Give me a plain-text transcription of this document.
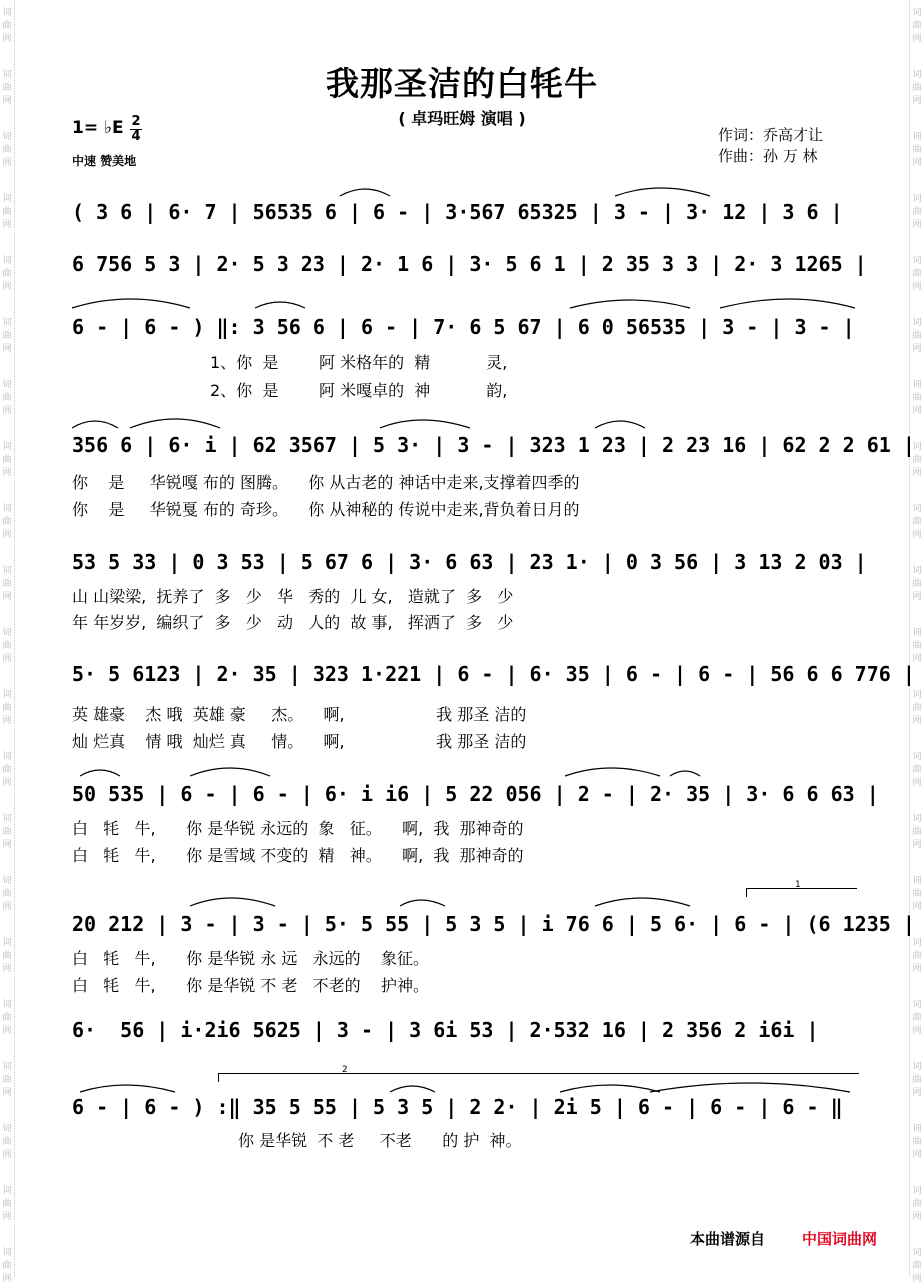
词
曲
网
词
曲
网
词
曲
网
词
曲
网
词
曲
网
词
曲
网
词
曲
网
词
曲
网
词
曲
网
词
曲
网
词
曲
网
词
曲
网
词
曲
网
词
曲
网
词
曲
网
词
曲
网
词
曲
网
词
曲
网
词
曲
网
词
曲
网
词
曲
网
词
曲
网
词
曲
网
词
曲
网
词
曲
网
词
曲
网
词
曲
网
词
曲
网
词
曲
网
词
曲
网
词
曲
网
词
曲
网
词
曲
网
词
曲
网
词
曲
网
词
曲
网
词
曲
网
词
曲
网
词
曲
网
词
曲
网
词
曲
网
词
曲
网
我那圣洁的白牦牛
( 卓玛旺姆 演唱 )
1= ♭E 2
4
中速 赞美地
作词：乔高才让
作曲：孙 万 林
( 3 6 | 6· 7 | 56535 6 | 6 - | 3·567 65325 | 3 - | 3· 12 | 3 6 |
6 756 5 3 | 2· 5 3 23 | 2· 1 6 | 3· 5 6 1 | 2 35 3 3 | 2· 3 1265 |
6 - | 6 - ) ‖: 3 56 6 | 6 - | 7· 6 5 67 | 6 0 56535 | 3 - | 3 - |
1、你  是        阿 米格年的  精           灵,
2、你  是        阿 米嘎卓的  神           韵,
356 6 | 6· i | 62 3567 | 5 3· | 3 - | 323 1 23 | 2 23 16 | 62 2 2 61 |
你    是     华锐嘎 布的 图腾。    你 从古老的 神话中走来,支撑着四季的
你    是     华锐戛 布的 奇珍。    你 从神秘的 传说中走来,背负着日月的
53 5 33 | 0 3 53 | 5 67 6 | 3· 6 63 | 23 1· | 0 3 56 | 3 13 2 03 |
山 山梁梁,  抚养了  多   少   华   秀的  儿 女,   造就了  多   少
年 年岁岁,  编织了  多   少   动   人的  故 事,   挥洒了  多   少
5· 5 6123 | 2· 35 | 323 1·221 | 6 - | 6· 35 | 6 - | 6 - | 56 6 6 776 |
英 雄豪    杰 哦  英雄 豪     杰。    啊,                  我 那圣 洁的
灿 烂真    情 哦  灿烂 真     情。    啊,                  我 那圣 洁的
50 535 | 6 - | 6 - | 6· i i6 | 5 22 056 | 2 - | 2· 35 | 3· 6 6 63 |
白   牦   牛,      你 是华锐 永远的  象   征。    啊,  我  那神奇的
白   牦   牛,      你 是雪域 不变的  精   神。    啊,  我  那神奇的
1
20 212 | 3 - | 3 - | 5· 5 55 | 5 3 5 | i 76 6 | 5 6· | 6 - | (6 1235 |
白   牦   牛,      你 是华锐 永 远   永远的    象征。
白   牦   牛,      你 是华锐 不 老   不老的    护神。
6·  56 | i·2i6 5625 | 3 - | 3 6i 53 | 2·532 16 | 2 356 2 i6i |
2
6 - | 6 - ) :‖ 35 5 55 | 5 3 5 | 2 2· | 2i 5 | 6 - | 6 - | 6 - ‖
你 是华锐  不 老     不老      的 护  神。
本曲谱源自 中国词曲网
